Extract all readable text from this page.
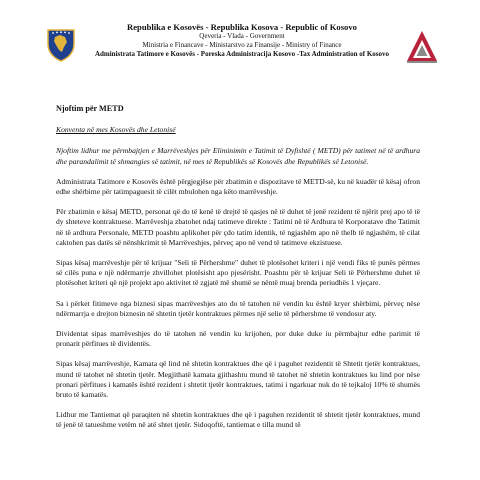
Republika e Kosovës - Republika Kosova - Republic of Kosovo
Qeveria - Vlada - Government
Ministria e Financave - Ministarstvo za Finansije - Ministry of Finance
Administrata Tatimore e Kosovës - Poreska Administracija Kosovo -Tax Administration of Kosovo

Njoftim për METD

Konventa në mes Kosovës dhe Letonisë

Njoftim lidhur me përmbajtjen e Marrëveshjes për Eliminimin e Tatimit të Dyfishtë ( METD) për tatimet në të ardhura dhe parandalimit të shmangies së tatimit, në mes të Republikës së Kosovës dhe Republikës së Letonisë.

Administrata Tatimore e Kosovës është përgjegjëse për zbatimin e dispozitave të METD-së, ku në kuadër të kësaj ofron edhe shërbime për tatimpaguesit të cilët mbulohen nga këto marrëveshje.

Për zbatimin e kësaj METD, personat që do të kenë të drejtë të qasjes në të duhet të jenë rezident të njërit prej apo të të dy shteteve kontraktuese. Marrëveshja zbatohet ndaj tatimeve direkte : Tatimi në të Ardhura të Korporatave dhe Tatimit në të ardhura Personale, METD poashtu aplikohet për çdo tatim identik, të ngjashëm apo në thelb të ngjashëm, të cilat caktohen pas datës së nënshkrimit të Marrëveshjes, përveç apo në vend të tatimeve ekzistuese.

Sipas kësaj marrëveshje për të krijuar "Seli të Përhershme" duhet të plotësohet kriteri i një vendi fiks të punës përmes së cilës puna e një ndërmarrje zhvillohet plotësisht apo pjesërisht. Poashtu për të krijuar Seli të Përhershme duhet të plotësohet kriteri që një projekt apo aktivitet të zgjatë më shumë se nëntë muaj brenda periudhës 1 vjeçare.

Sa i përket fitimeve nga biznesi sipas marrëveshjes ato do të tatohen në vendin ku është kryer shërbimi, përveç nëse ndërmarrja e drejton biznesin në shtetin tjetër kontraktues përmes një selie të përhershme të vendosur aty.

Dividentat sipas marrëveshjes do të tatohen në vendin ku krijohen, por duke duke iu përmbajtur edhe parimit të pronarit përfitues të dividentës.

Sipas kësaj marrëveshje, Kamata që lind në shtetin kontraktues dhe që i paguhet rezidentit të Shtetit tjetër kontraktues, mund të tatohet në shtetin tjetër. Megjithatë kamata gjithashtu mund të tatohet në shtetin kontraktues ku lind por nëse pronari përfitues i kamatës është rezident i shtetit tjetër kontraktues, tatimi i ngarkuar nuk do të tejkaloj 10% të shumës bruto të kamatës.

Lidhur me Tantiemat që paraqiten në shtetin kontraktues dhe që i paguhen rezidentit të shtetit tjetër kontraktues, mund të jenë të tatueshme vetëm në atë shtet tjetër. Sidoqoftë, tantiemat e tilla mund të
